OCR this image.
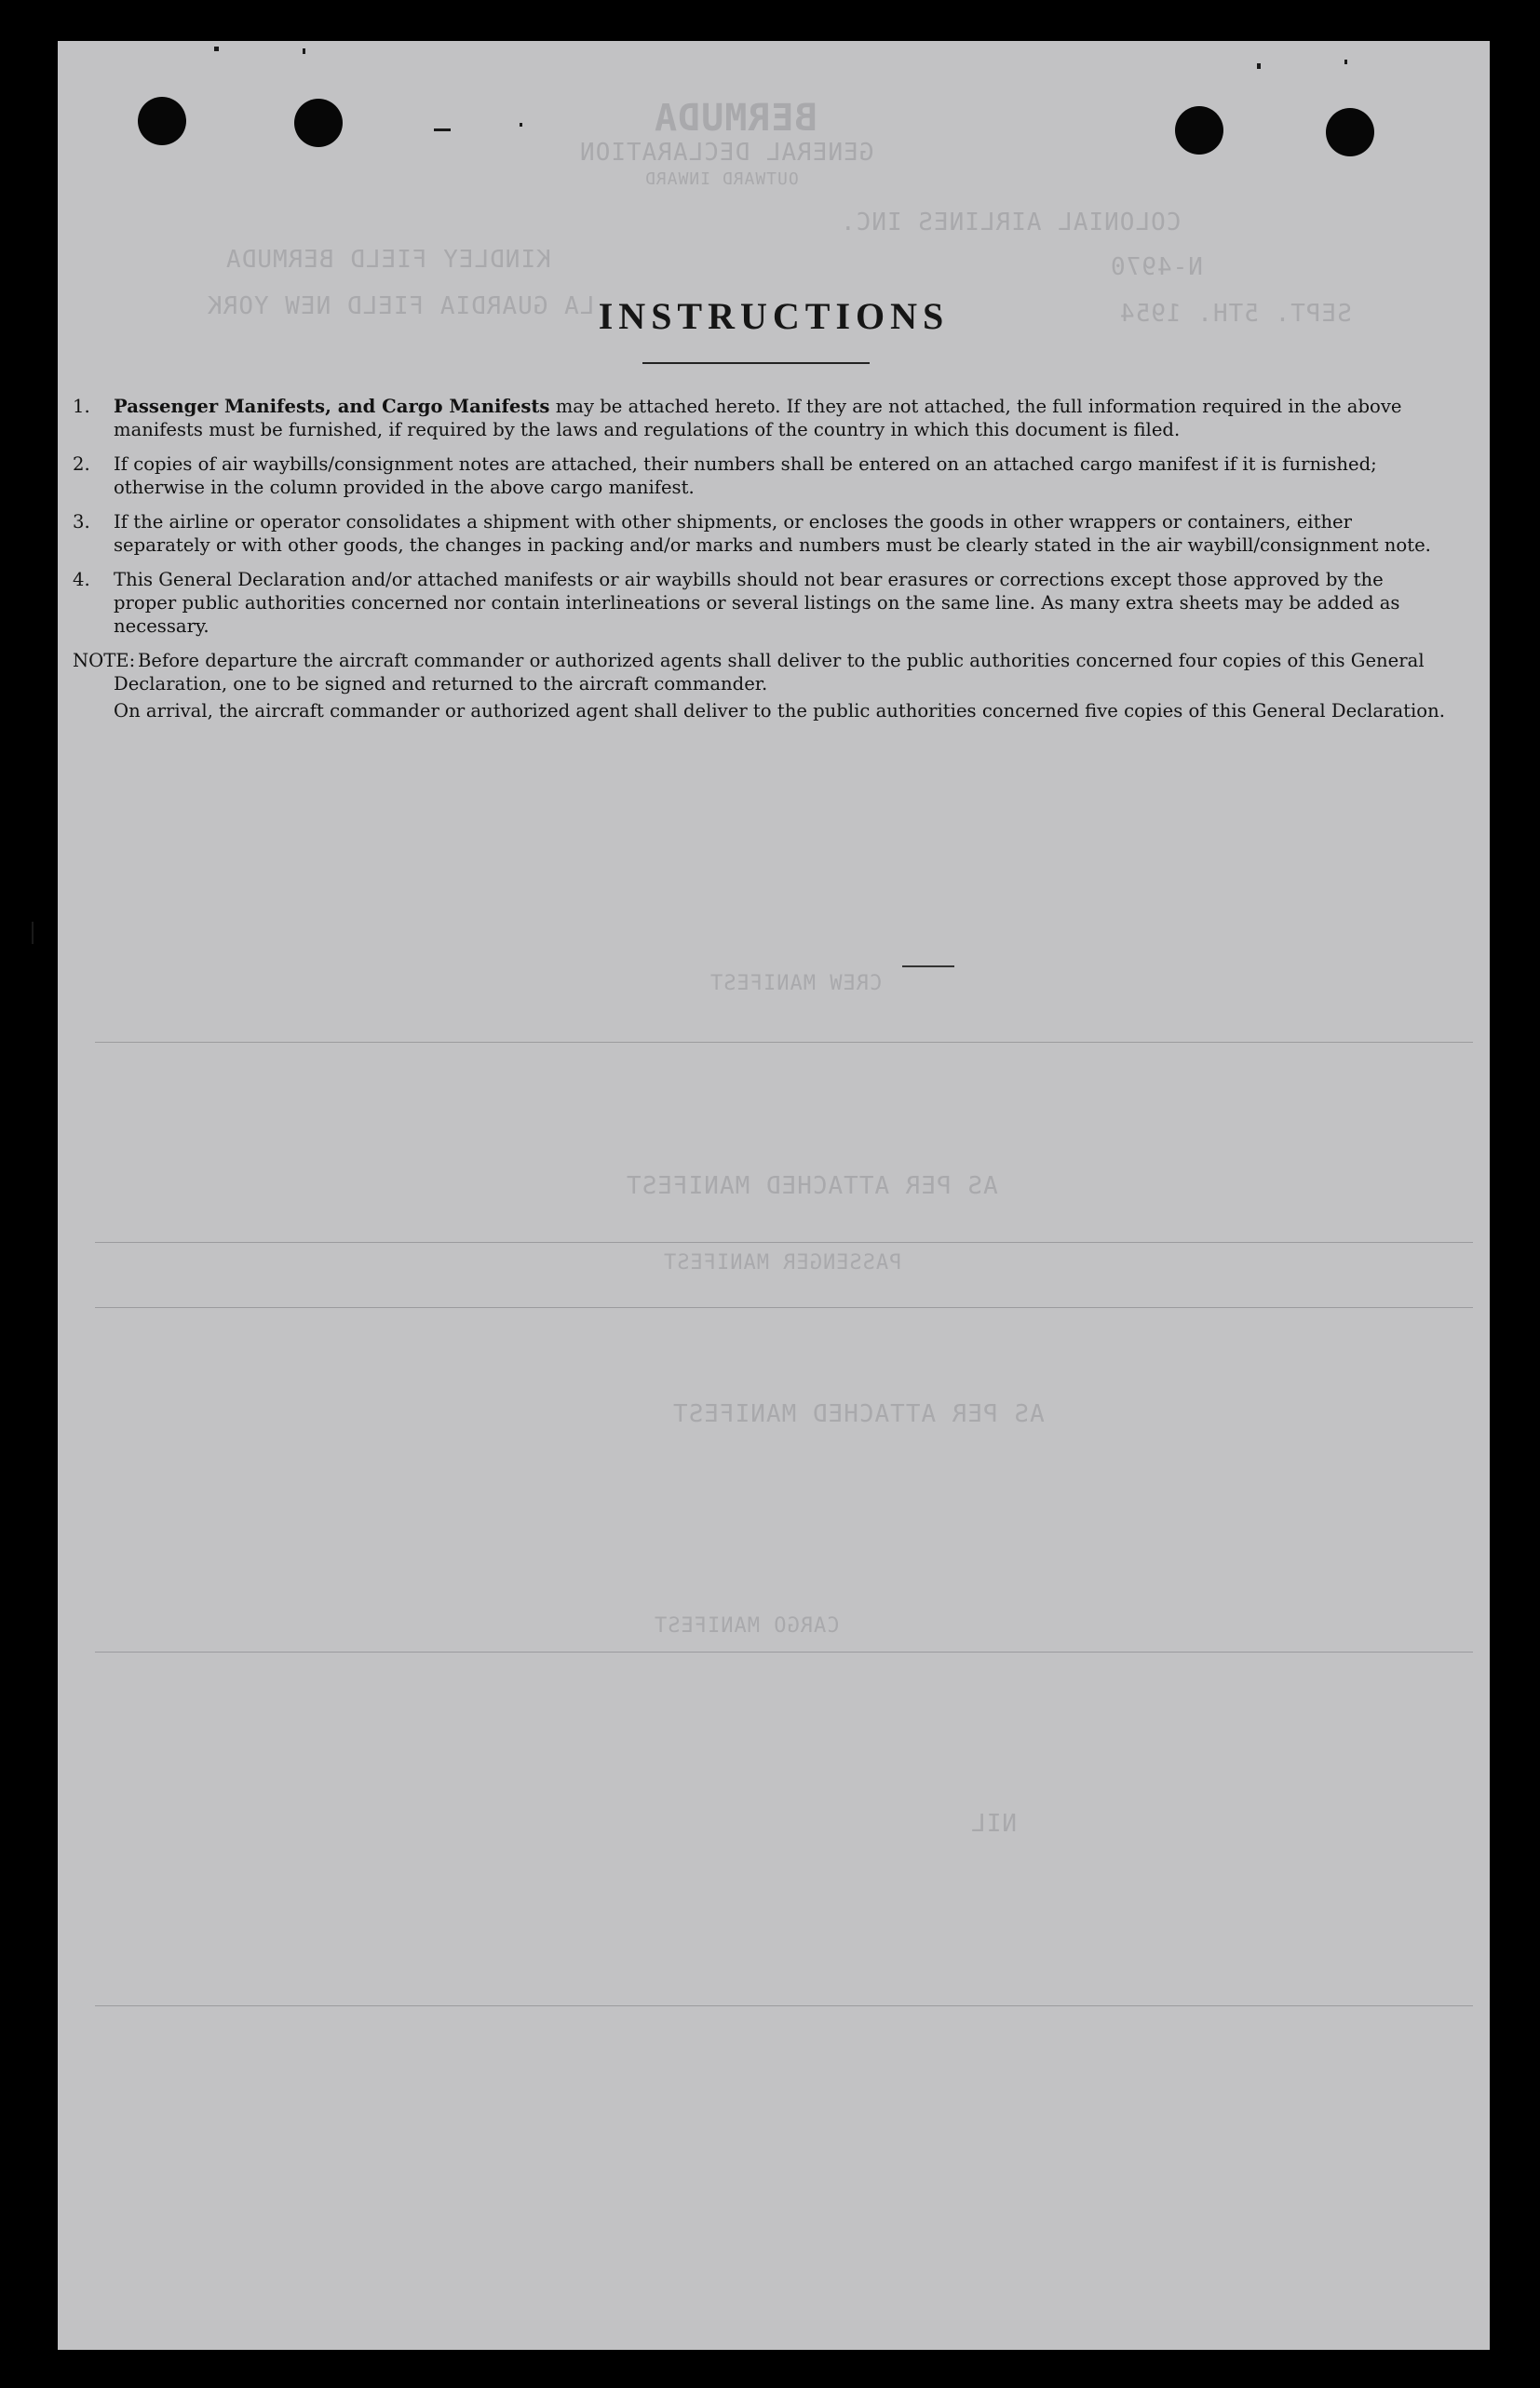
BERMUDA
GENERAL DECLARATION
OUTWARD INWARD
COLONIAL AIRLINES INC.
KINDLEY FIELD BERMUDA	N-4970
LA GUARDIA FIELD NEW YORK	SEPT. 5TH. 1954
CREW MANIFEST
AS PER ATTACHED MANIFEST
PASSENGER MANIFEST
AS PER ATTACHED MANIFEST
CARGO MANIFEST
NIL
INSTRUCTIONS
1.	Passenger Manifests, and Cargo Manifests may be attached hereto. If they are not attached, the full information required in the above manifests must be furnished, if required by the laws and regulations of the country in which this document is filed.
2.	If copies of air waybills/consignment notes are attached, their numbers shall be entered on an attached cargo manifest if it is furnished; otherwise in the column provided in the above cargo manifest.
3.	If the airline or operator consolidates a shipment with other shipments, or encloses the goods in other wrappers or containers, either separately or with other goods, the changes in packing and/or marks and numbers must be clearly stated in the air waybill/consignment note.
4.	This General Declaration and/or attached manifests or air waybills should not bear erasures or corrections except those approved by the proper public authorities concerned nor contain interlineations or several listings on the same line. As many extra sheets may be added as necessary.
NOTE: Before departure the aircraft commander or authorized agents shall deliver to the public authorities concerned four copies of this General Declaration, one to be signed and returned to the aircraft commander.

On arrival, the aircraft commander or authorized agent shall deliver to the public authorities concerned five copies of this General Declaration.
